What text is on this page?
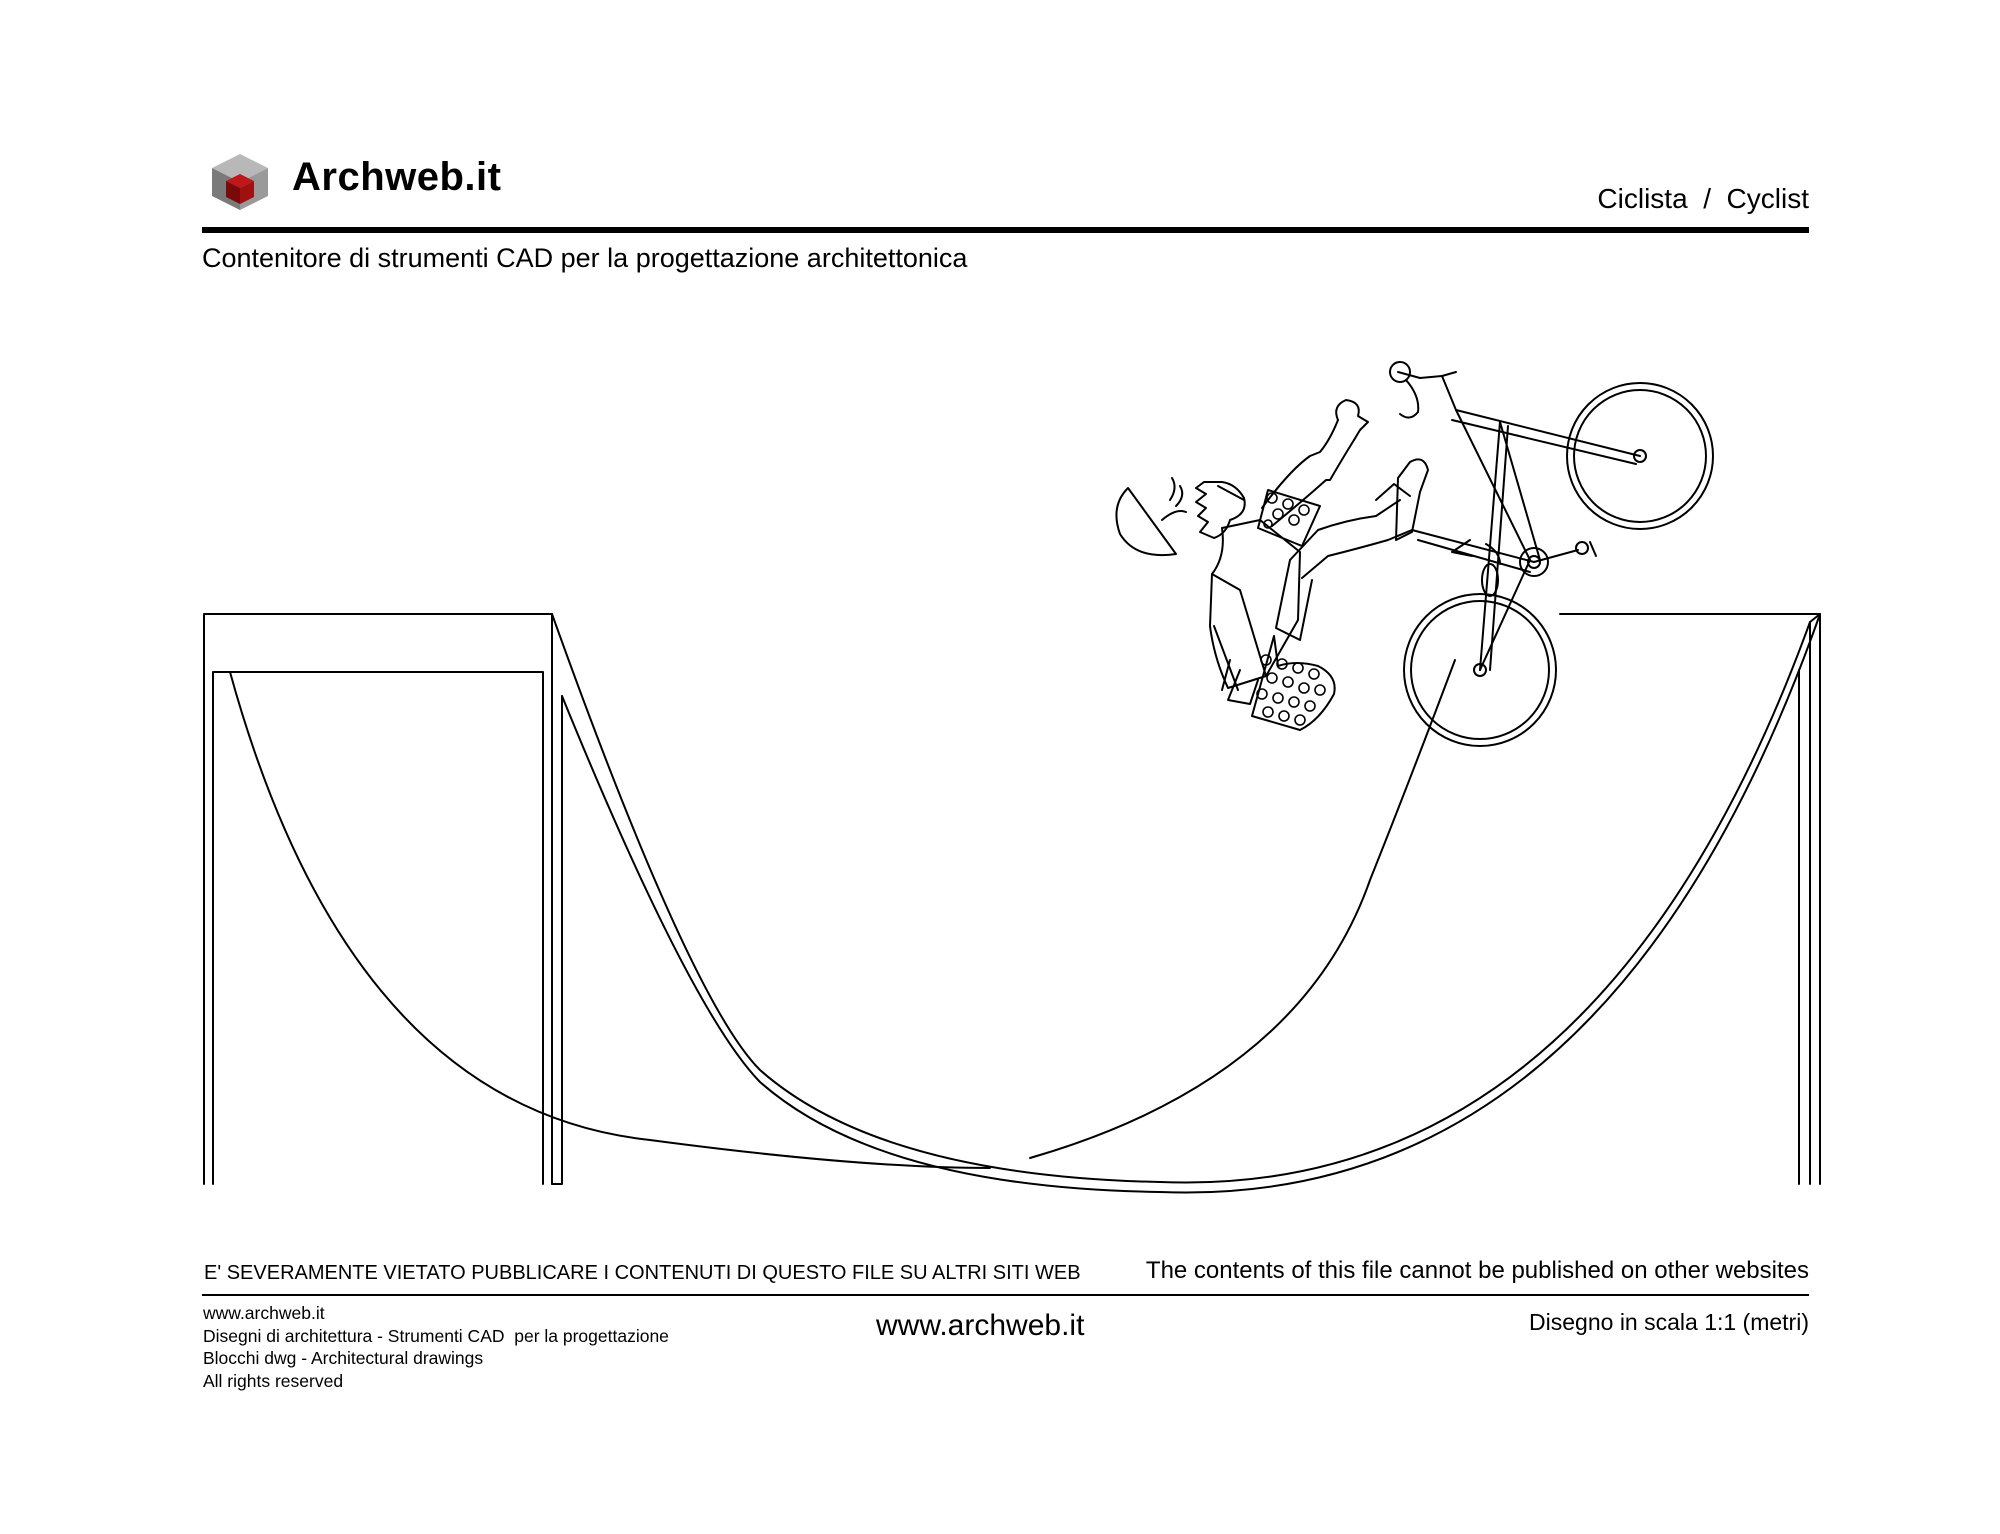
Archweb.it	Ciclista  /  Cyclist
Contenitore di strumenti CAD per la progettazione architettonica
E' SEVERAMENTE VIETATO PUBBLICARE I CONTENUTI DI QUESTO FILE SU ALTRI SITI WEB	The contents of this file cannot be published on other websites
www.archweb.it
Disegni di architettura - Strumenti CAD  per la progettazione
Blocchi dwg - Architectural drawings
All rights reserved
www.archweb.it	Disegno in scala 1:1 (metri)
